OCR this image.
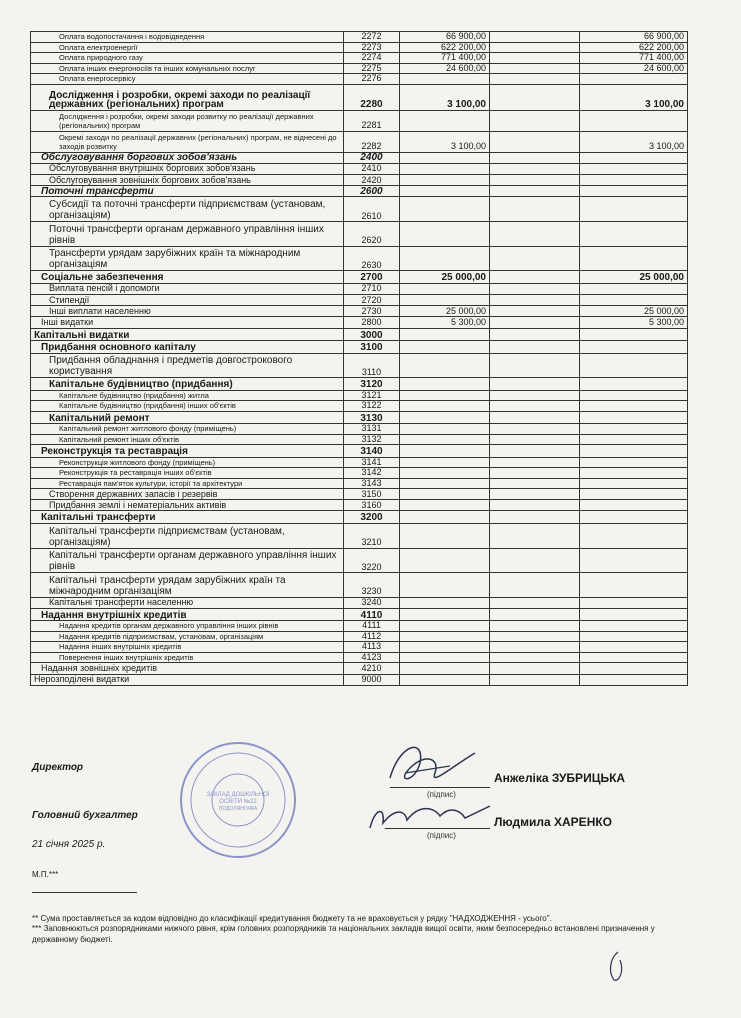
Оплата водопостачання і водовідведення	2272	66 900,00		66 900,00
Оплата електроенергії	2273	622 200,00		622 200,00
Оплата природного газу	2274	771 400,00		771 400,00
Оплата інших енергоносіїв та інших комунальних послуг	2275	24 600,00		24 600,00
Оплата енергосервісу	2276			
Дослідження і розробки, окремі заходи по реалізації державних (регіональних) програм	2280	3 100,00		3 100,00
Дослідження і розробки, окремі заходи розвитку по реалізації державних (регіональних) програм	2281			
Окремі заходи по реалізації державних (регіональних) програм, не віднесені до заходів розвитку	2282	3 100,00		3 100,00
Обслуговування боргових зобов'язань	2400			
Обслуговування внутрішніх боргових зобов'язань	2410			
Обслуговування зовнішніх боргових зобов'язань	2420			
Поточні трансферти	2600			
Субсидії та поточні трансферти підприємствам (установам, організаціям)	2610			
Поточні трансферти органам державного управління інших рівнів	2620			
Трансферти урядам зарубіжних країн та міжнародним організаціям	2630			
Соціальне забезпечення	2700	25 000,00		25 000,00
Виплата пенсій і допомоги	2710			
Стипендії	2720			
Інші виплати населенню	2730	25 000,00		25 000,00
Інші видатки	2800	5 300,00		5 300,00
Капітальні видатки	3000			
Придбання основного капіталу	3100			
Придбання обладнання і предметів довгострокового користування	3110			
Капітальне будівництво (придбання)	3120			
Капітальне будівництво (придбання) житла	3121			
Капітальне будівництво (придбання) інших об'єктів	3122			
Капітальний ремонт	3130			
Капітальний ремонт житлового фонду (приміщень)	3131			
Капітальний ремонт інших об'єктів	3132			
Реконструкція та реставрація	3140			
Реконструкція житлового фонду (приміщень)	3141			
Реконструкція та реставрація інших об'єктів	3142			
Реставрація пам'яток культури, історії та архітектури	3143			
Створення державних запасів і резервів	3150			
Придбання землі і нематеріальних активів	3160			
Капітальні трансферти	3200			
Капітальні трансферти підприємствам (установам, організаціям)	3210			
Капітальні трансферти органам державного управління інших рівнів	3220			
Капітальні трансферти урядам зарубіжних країн та міжнародним організаціям	3230			
Капітальні трансферти населенню	3240			
Надання внутрішніх кредитів	4110			
Надання кредитів органам державного управління інших рівнів	4111			
Надання кредитів підприємствам, установам, організаціям	4112			
Надання інших внутрішніх кредитів	4113			
Повернення інших внутрішніх кредитів	4123			
Надання зовнішніх кредитів	4210			
Нерозподілені видатки	9000			
ЗАКЛАД ДОШКІЛЬНОЇ
ОСВІТИ №22
ПОДОЛЯНОЧКА
Директор
(підпис)
Анжеліка ЗУБРИЦЬКА
Головний бухгалтер
(підпис)
Людмила ХАРЕНКО
21 січня 2025 р.
М.П.***
** Сума проставляється за кодом відповідно до класифікації кредитування бюджету та не враховується у рядку "НАДХОДЖЕННЯ - усього".
*** Заповнюються розпорядниками нижчого рівня, крім головних розпорядників та національних закладів вищої освіти, яким безпосередньо встановлені призначення у державному бюджеті.
